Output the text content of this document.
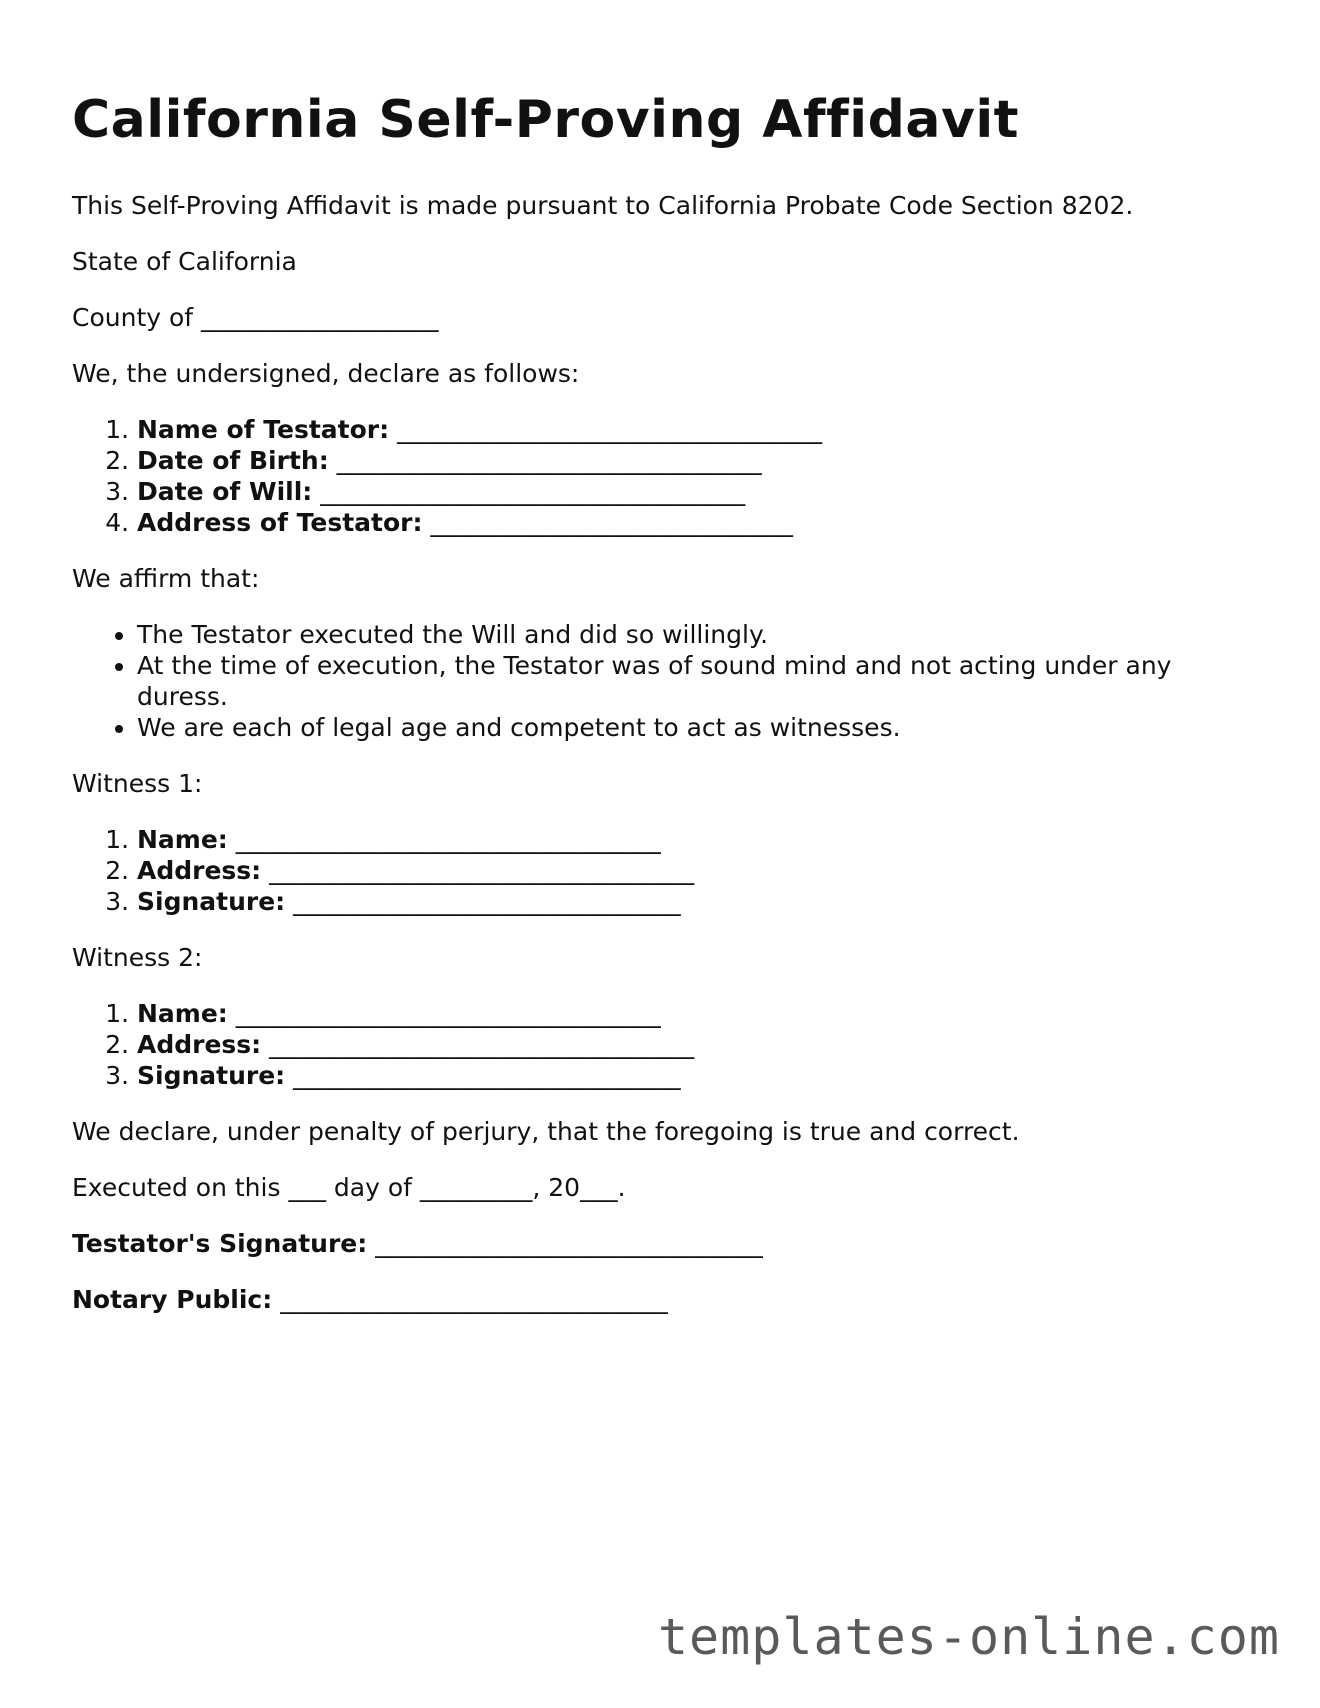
California Self-Proving Affidavit

This Self-Proving Affidavit is made pursuant to California Probate Code Section 8202.

State of California

County of ___________________

We, the undersigned, declare as follows:

1. Name of Testator: __________________________________
2. Date of Birth: __________________________________
3. Date of Will: __________________________________
4. Address of Testator: _____________________________

We affirm that:

• The Testator executed the Will and did so willingly.
• At the time of execution, the Testator was of sound mind and not acting under any duress.
• We are each of legal age and competent to act as witnesses.

Witness 1:

1. Name: __________________________________
2. Address: __________________________________
3. Signature: _______________________________

Witness 2:

1. Name: __________________________________
2. Address: __________________________________
3. Signature: _______________________________

We declare, under penalty of perjury, that the foregoing is true and correct.

Executed on this ___ day of _________, 20___.

Testator's Signature: _______________________________

Notary Public: _______________________________

templates-online.com
